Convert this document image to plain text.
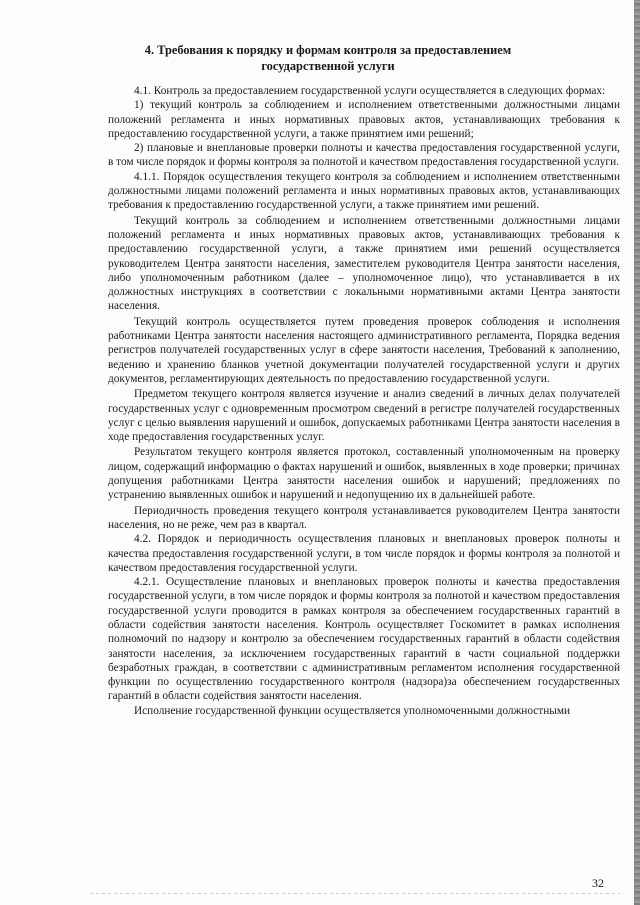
4. Требования к порядку и формам контроля за предоставлением государственной услуги

4.1. Контроль за предоставлением государственной услуги осуществляется в следующих формах:

1) текущий контроль за соблюдением и исполнением ответственными должностными лицами положений регламента и иных нормативных правовых актов, устанавливающих требования к предоставлению государственной услуги, а также принятием ими решений;

2) плановые и внеплановые проверки полноты и качества предоставления государственной услуги, в том числе порядок и формы контроля за полнотой и качеством предоставления государственной услуги.

4.1.1. Порядок осуществления текущего контроля за соблюдением и исполнением ответственными должностными лицами положений регламента и иных нормативных правовых актов, устанавливающих требования к предоставлению государственной услуги, а также принятием ими решений.

Текущий контроль за соблюдением и исполнением ответственными должностными лицами положений регламента и иных нормативных правовых актов, устанавливающих требования к предоставлению государственной услуги, а также принятием ими решений осуществляется руководителем Центра занятости населения, заместителем руководителя Центра занятости населения, либо уполномоченным работником (далее – уполномоченное лицо), что устанавливается в их должностных инструкциях в соответствии с локальными нормативными актами Центра занятости населения.

Текущий контроль осуществляется путем проведения проверок соблюдения и исполнения работниками Центра занятости населения настоящего административного регламента, Порядка ведения регистров получателей государственных услуг в сфере занятости населения, Требований к заполнению, ведению и хранению бланков учетной документации получателей государственной услуги и других документов, регламентирующих деятельность по предоставлению государственной услуги.

Предметом текущего контроля является изучение и анализ сведений в личных делах получателей государственных услуг с одновременным просмотром сведений в регистре получателей государственных услуг с целью выявления нарушений и ошибок, допускаемых работниками Центра занятости населения в ходе предоставления государственных услуг.

Результатом текущего контроля является протокол, составленный уполномоченным на проверку лицом, содержащий информацию о фактах нарушений и ошибок, выявленных в ходе проверки; причинах допущения работниками Центра занятости населения ошибок и нарушений; предложениях по устранению выявленных ошибок и нарушений и недопущению их в дальнейшей работе.

Периодичность проведения текущего контроля устанавливается руководителем Центра занятости населения, но не реже, чем раз в квартал.

4.2. Порядок и периодичность осуществления плановых и внеплановых проверок полноты и качества предоставления государственной услуги, в том числе порядок и формы контроля за полнотой и качеством предоставления государственной услуги.

4.2.1. Осуществление плановых и внеплановых проверок полноты и качества предоставления государственной услуги, в том числе порядок и формы контроля за полнотой и качеством предоставления государственной услуги проводится в рамках контроля за обеспечением государственных гарантий в области содействия занятости населения. Контроль осуществляет Госкомитет в рамках исполнения полномочий по надзору и контролю за обеспечением государственных гарантий в области содействия занятости населения, за исключением государственных гарантий в части социальной поддержки безработных граждан, в соответствии с административным регламентом исполнения государственной функции по осуществлению государственного контроля (надзора)за обеспечением государственных гарантий в области содействия занятости населения.

Исполнение государственной функции осуществляется уполномоченными должностными

32
